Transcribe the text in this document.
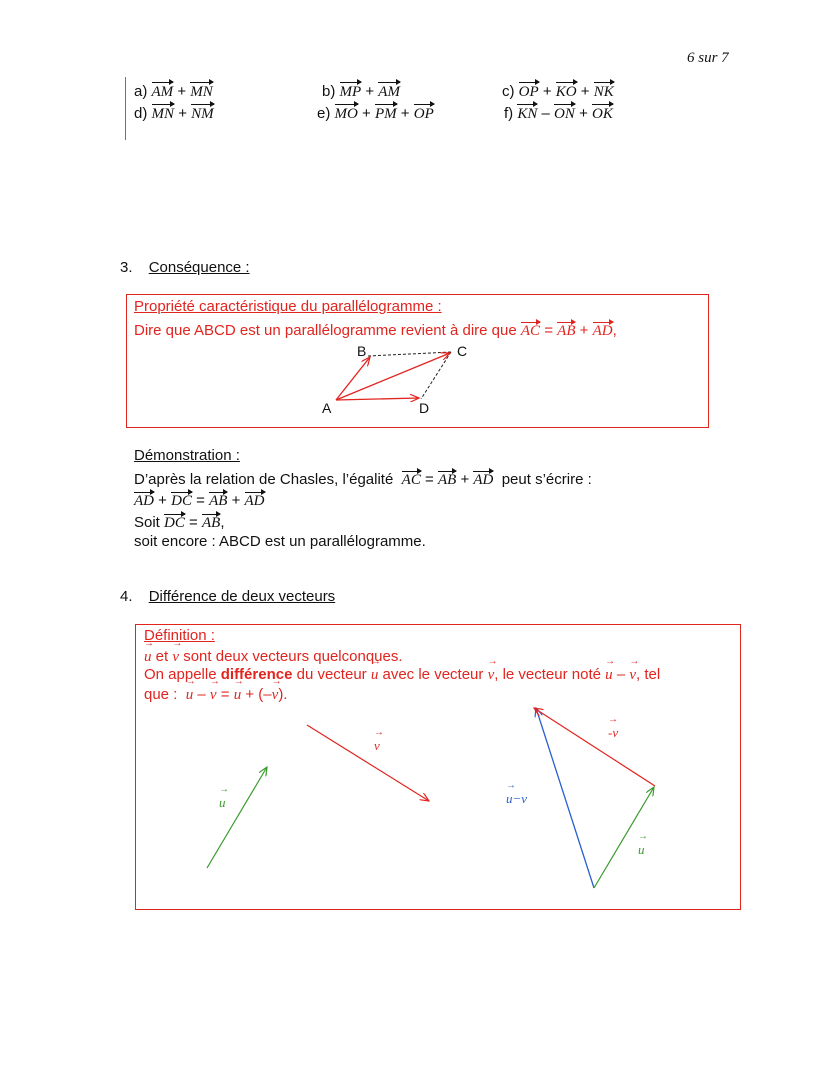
6 sur 7
a) AM + MN	b) MP + AM	c) OP + KO + NK
d) MN + NM	e) MO + PM + OP	f) KN – ON + OK
3. Conséquence :
Propriété caractéristique du parallélogramme :
Dire que ABCD est un parallélogramme revient à dire que AC = AB + AD,
B	C
A	D
Démonstration :
D’après la relation de Chasles, l’égalité AC = AB + AD peut s’écrire :
AD + DC = AB + AD
Soit DC = AB,
soit encore : ABCD est un parallélogramme.
4. Différence de deux vecteurs
Définition :
→ u et → v sont deux vecteurs quelconques.
On appelle différence du vecteur → u avec le vecteur → v, le vecteur noté → u – → v, tel
que : → u – → v = → u + (–→ v).
→ v
→ u
→ -v
→ u−v
→ u
